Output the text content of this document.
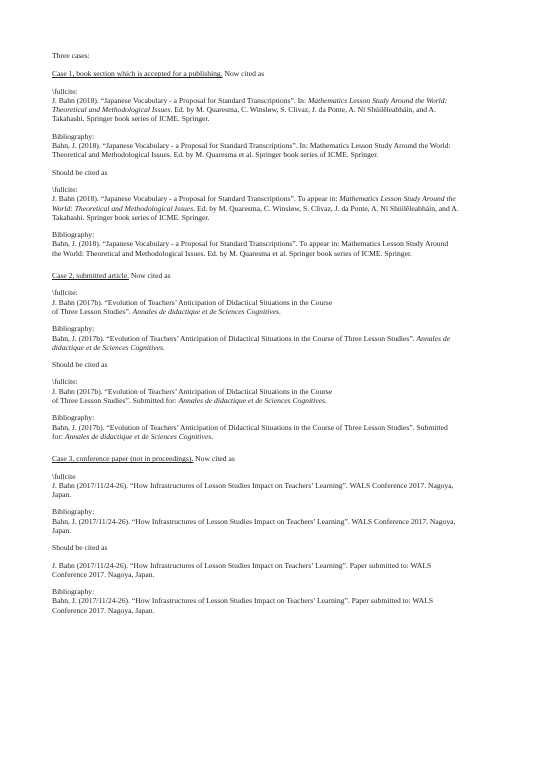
Three cases:
Case 1, book section which is accepted for a publishing. Now cited as
\fullcite:
J. Bahn (2018). “Japanese Vocabulary - a Proposal for Standard Transcriptions”. In: Mathematics Lesson Study Around the World:
Theoretical and Methodological Issues. Ed. by M. Quaresma, C. Winsløw, S. Clivaz, J. da Ponte, A. Ní Shúilêleabháin, and A.
Takahashi. Springer book series of ICME. Springer.
Bibliography:
Bahn, J. (2018). “Japanese Vocabulary - a Proposal for Standard Transcriptions”. In: Mathematics Lesson Study Around the World:
Theoretical and Methodological Issues. Ed. by M. Quaresma et al. Springer book series of ICME. Springer.
Should be cited as
\fullcite:
J. Bahn (2018). “Japanese Vocabulary - a Proposal for Standard Transcriptions”. To appear in: Mathematics Lesson Study Around the
World: Theoretical and Methodological Issues. Ed. by M. Quaresma, C. Winsløw, S. Clivaz, J. da Ponte, A. Ní Shúilêleabháin, and A.
Takahashi. Springer book series of ICME. Springer.
Bibliography:
Bahn, J. (2018). “Japanese Vocabulary - a Proposal for Standard Transcriptions”. To appear in: Mathematics Lesson Study Around
the World: Theoretical and Methodological Issues. Ed. by M. Quaresma et al. Springer book series of ICME. Springer.
Case 2, submitted article. Now cited as
\fullcite:
J. Bahn (2017b). “Evolution of Teachers’ Anticipation of Didactical Situations in the Course
of Three Lesson Studies”. Annales de didactique et de Sciences Cognitives.
Bibliography:
Bahn, J. (2017b). “Evolution of Teachers’ Anticipation of Didactical Situations in the Course of Three Lesson Studies”. Annales de
didactique et de Sciences Cognitives.
Should be cited as
\fullcite:
J. Bahn (2017b). “Evolution of Teachers’ Anticipation of Didactical Situations in the Course
of Three Lesson Studies”. Submitted for: Annales de didactique et de Sciences Cognitives.
Bibliography:
Bahn, J. (2017b). “Evolution of Teachers’ Anticipation of Didactical Situations in the Course of Three Lesson Studies”. Submitted
for: Annales de didactique et de Sciences Cognitives.
Case 3, conference paper (not in proceedings). Now cited as
\fullcite
J. Bahn (2017/11/24-26). “How Infrastructures of Lesson Studies Impact on Teachers’ Learning”. WALS Conference 2017. Nagoya,
Japan.
Bibliography:
Bahn, J. (2017/11/24-26). “How Infrastructures of Lesson Studies Impact on Teachers’ Learning”. WALS Conference 2017. Nagoya,
Japan.
Should be cited as
J. Bahn (2017/11/24-26). “How Infrastructures of Lesson Studies Impact on Teachers’ Learning”. Paper submitted to: WALS
Conference 2017. Nagoya, Japan.
Bibliography:
Bahn, J. (2017/11/24-26). “How Infrastructures of Lesson Studies Impact on Teachers’ Learning”. Paper submitted to: WALS
Conference 2017. Nagoya, Japan.
